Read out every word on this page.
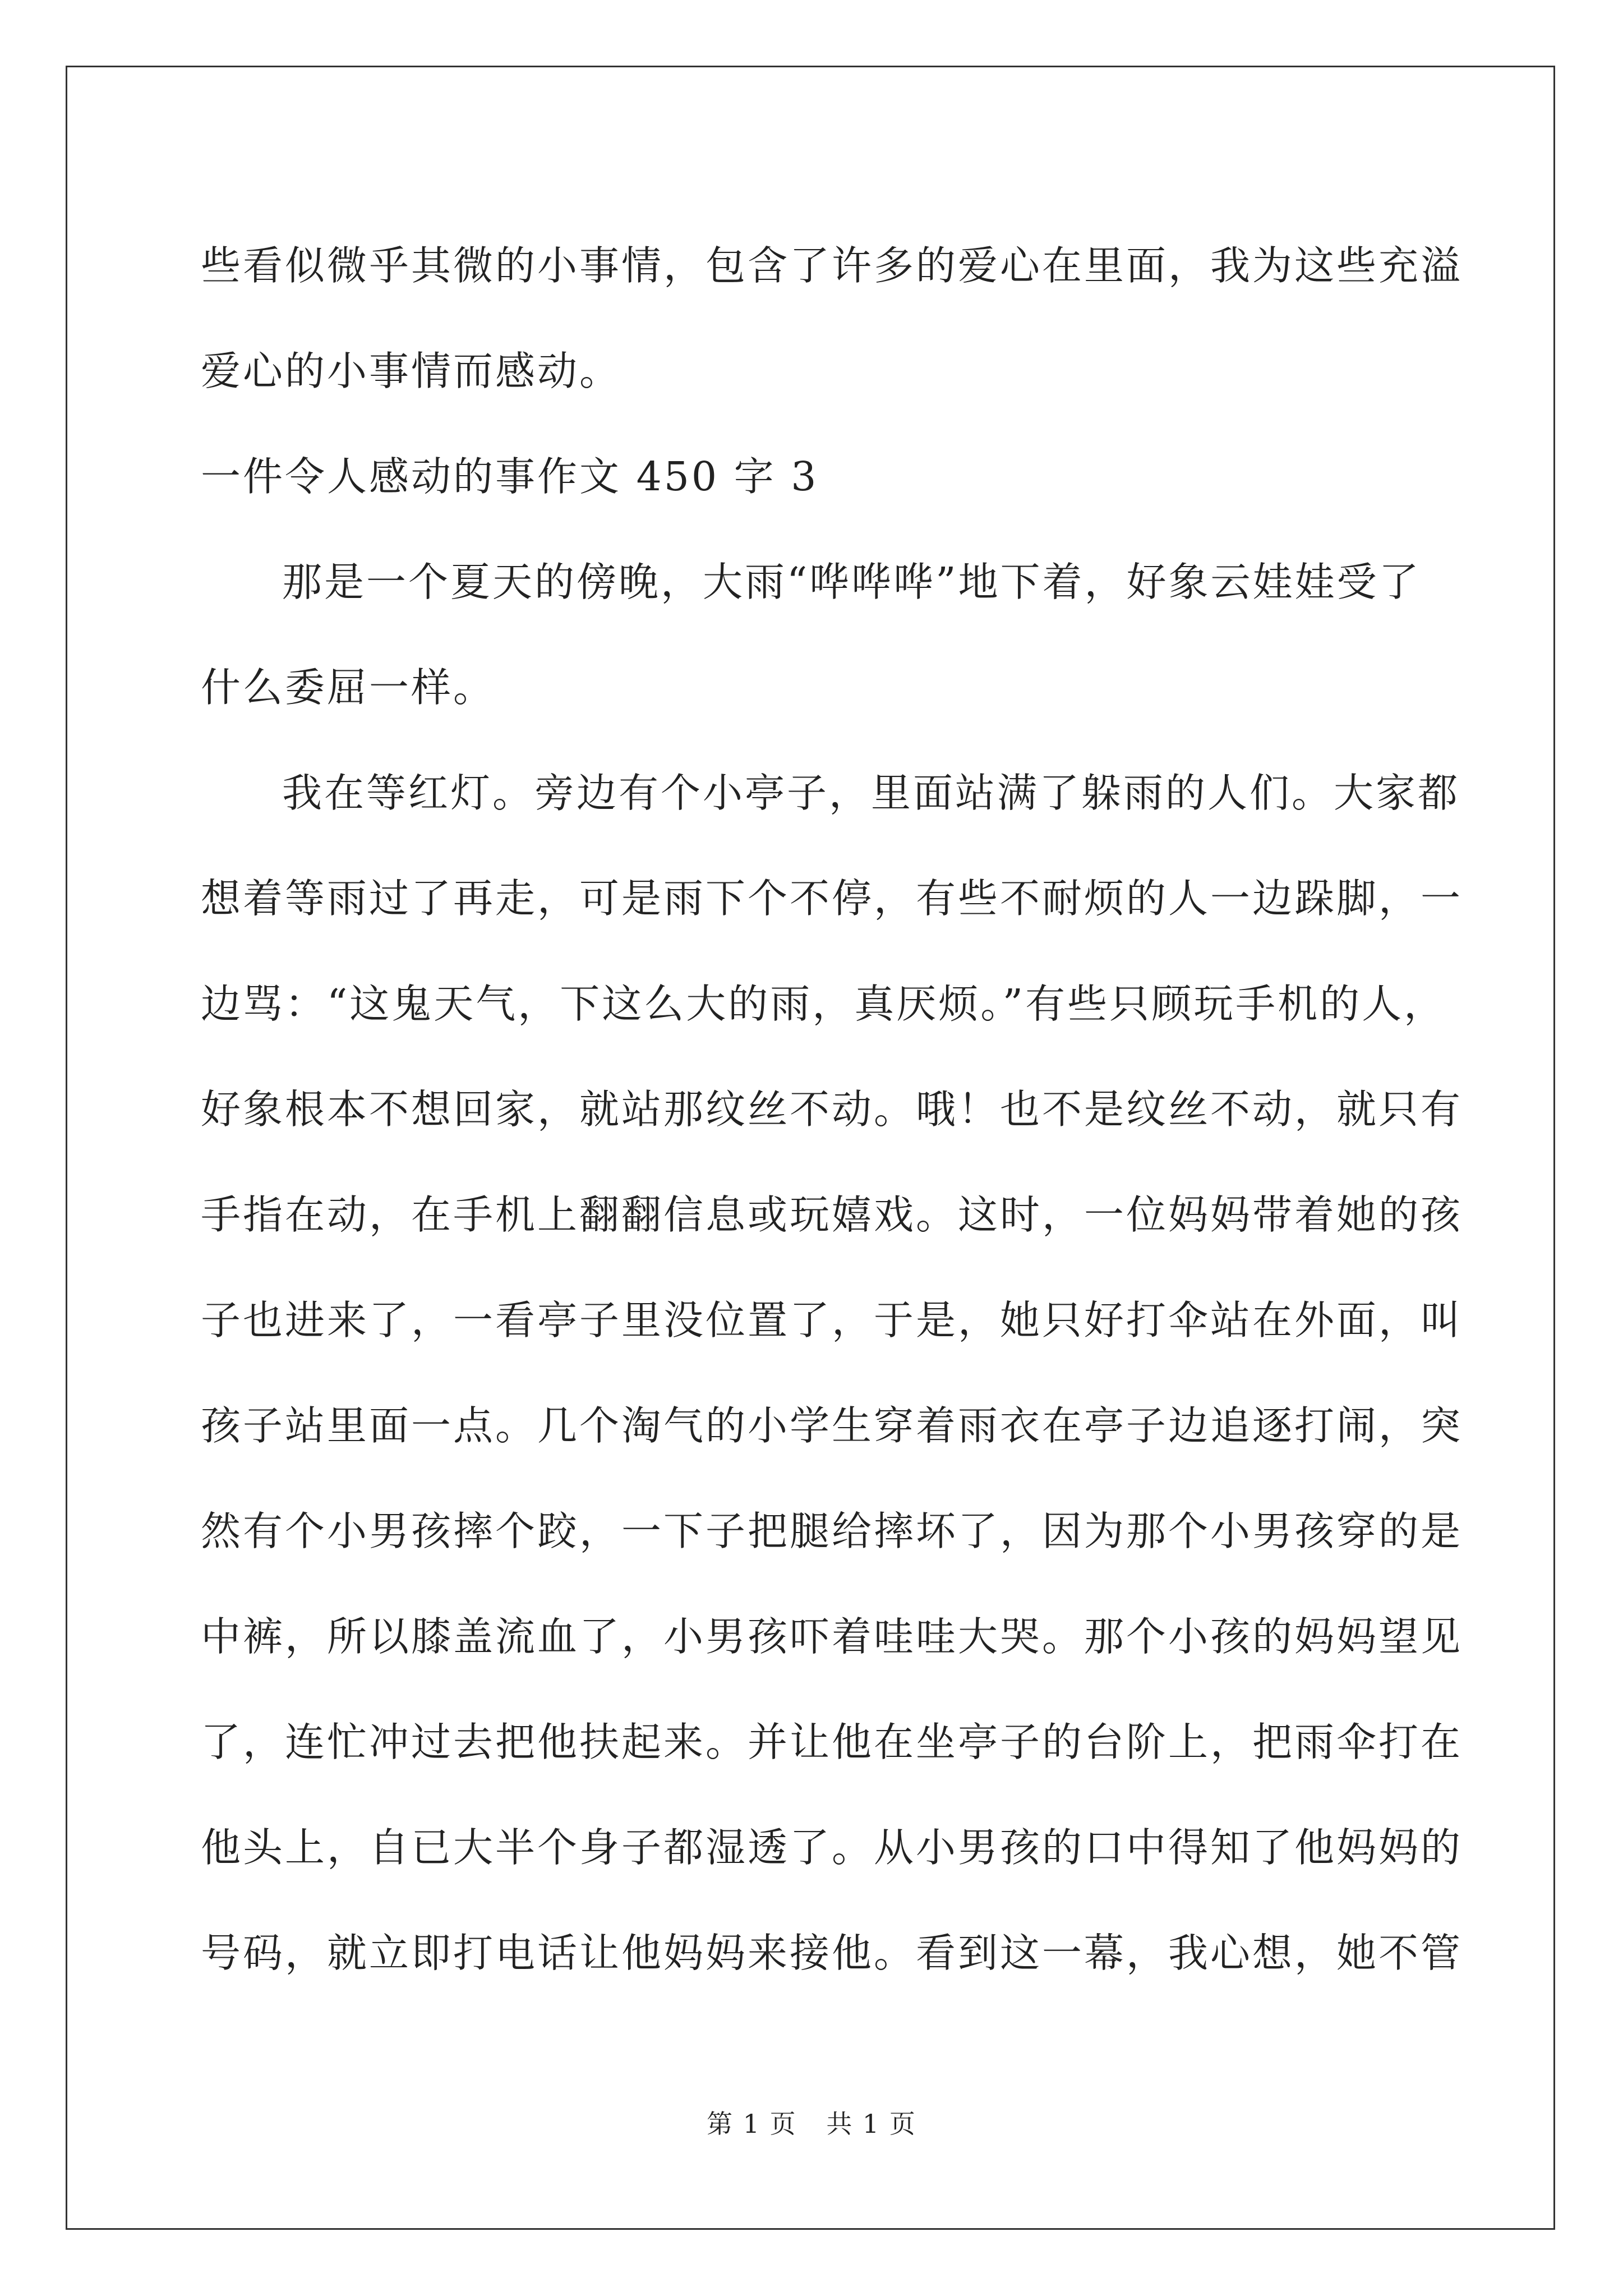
些看似微乎其微的小事情，包含了许多的爱心在里面，我为这些充溢
爱心的小事情而感动。
一件令人感动的事作文 450 字 3
那是一个夏天的傍晚，大雨“哗哗哗”地下着，好象云娃娃受了
什么委屈一样。
我在等红灯。旁边有个小亭子，里面站满了躲雨的人们。大家都
想着等雨过了再走，可是雨下个不停，有些不耐烦的人一边跺脚，一
边骂：“这鬼天气，下这么大的雨，真厌烦。”有些只顾玩手机的人，
好象根本不想回家，就站那纹丝不动。哦！也不是纹丝不动，就只有
手指在动，在手机上翻翻信息或玩嬉戏。这时，一位妈妈带着她的孩
子也进来了，一看亭子里没位置了，于是，她只好打伞站在外面，叫
孩子站里面一点。几个淘气的小学生穿着雨衣在亭子边追逐打闹，突
然有个小男孩摔个跤，一下子把腿给摔坏了，因为那个小男孩穿的是
中裤，所以膝盖流血了，小男孩吓着哇哇大哭。那个小孩的妈妈望见
了，连忙冲过去把他扶起来。并让他在坐亭子的台阶上，把雨伞打在
他头上，自已大半个身子都湿透了。从小男孩的口中得知了他妈妈的
号码，就立即打电话让他妈妈来接他。看到这一幕，我心想，她不管
第 1 页 共 1 页
